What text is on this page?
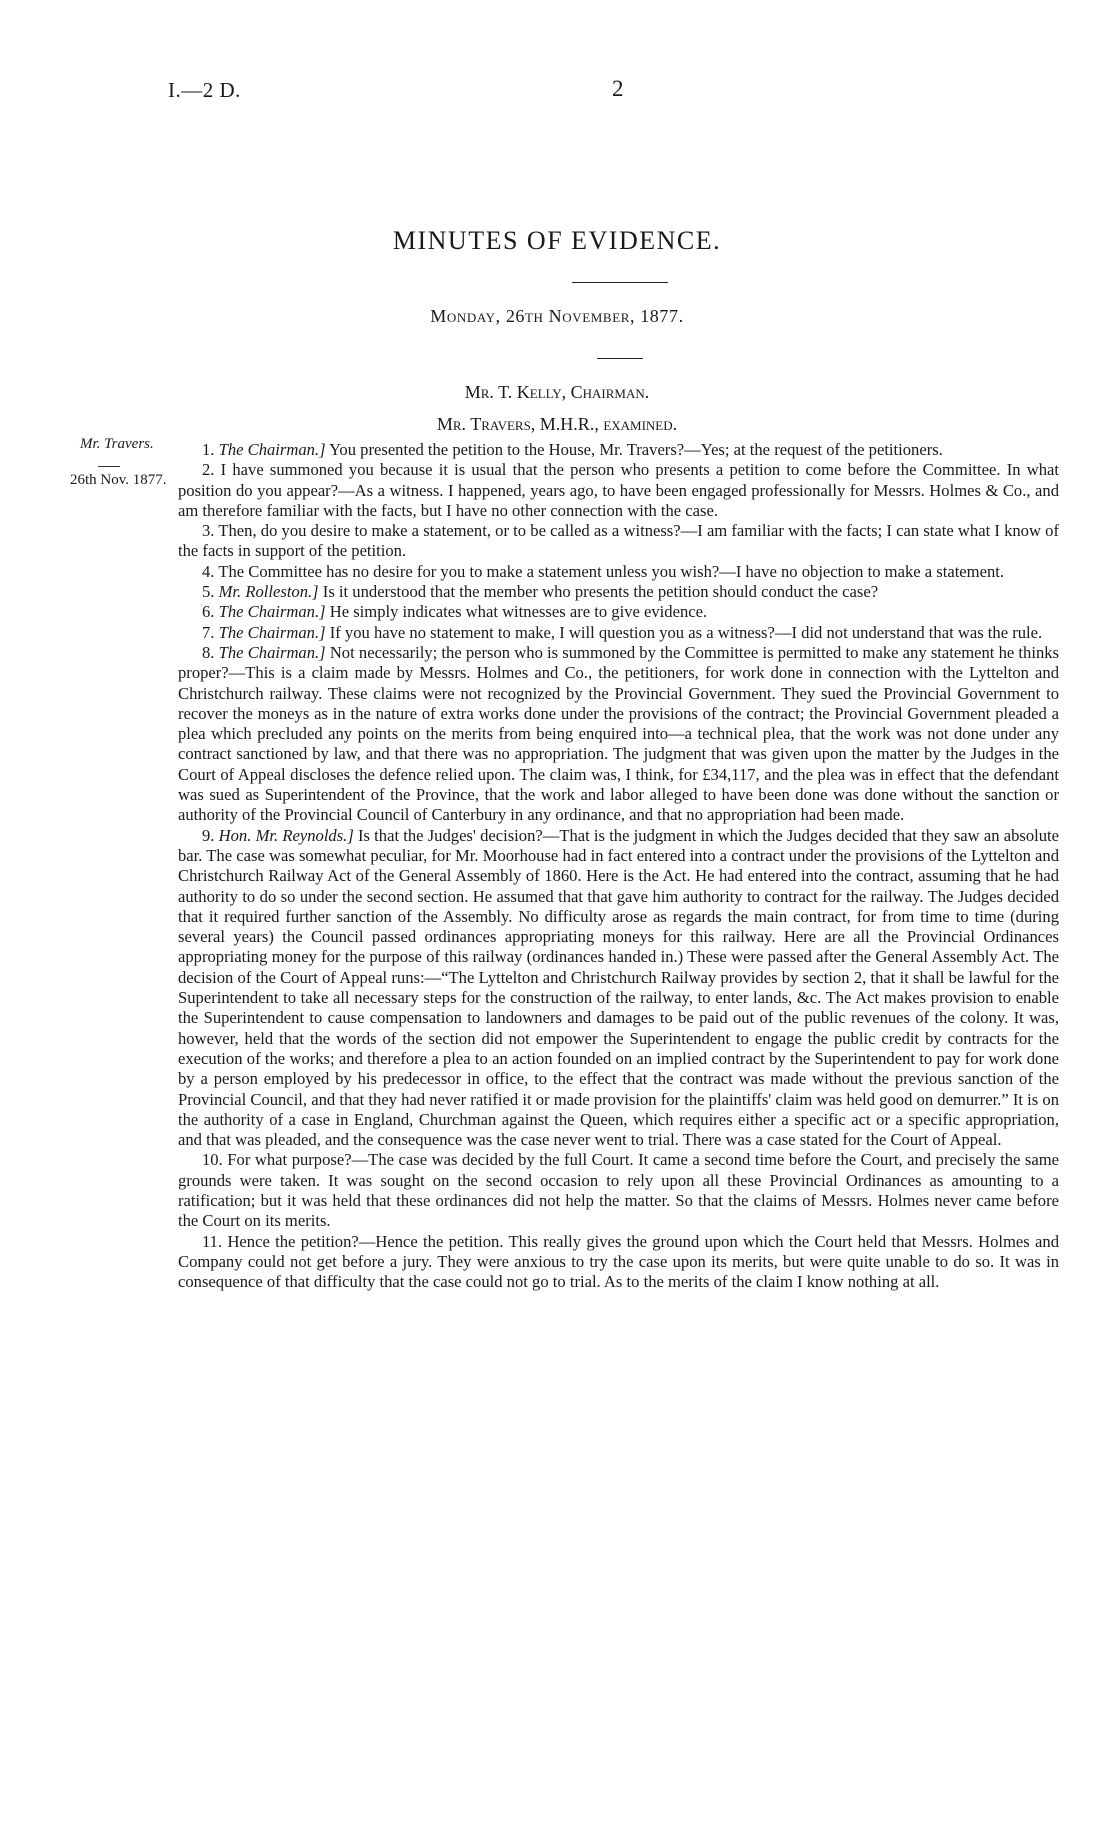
I.—2 D.	2
MINUTES OF EVIDENCE.
Monday, 26th November, 1877.
Mr. T. Kelly, Chairman.
Mr. Travers, M.H.R., examined.
Mr. Travers.
26th Nov. 1877.

1. The Chairman.] You presented the petition to the House, Mr. Travers?—Yes; at the request of the petitioners.

2. I have summoned you because it is usual that the person who presents a petition to come before the Committee. In what position do you appear?—As a witness. I happened, years ago, to have been engaged professionally for Messrs. Holmes & Co., and am therefore familiar with the facts, but I have no other connection with the case.

3. Then, do you desire to make a statement, or to be called as a witness?—I am familiar with the facts; I can state what I know of the facts in support of the petition.

4. The Committee has no desire for you to make a statement unless you wish?—I have no objection to make a statement.

5. Mr. Rolleston.] Is it understood that the member who presents the petition should conduct the case?

6. The Chairman.] He simply indicates what witnesses are to give evidence.

7. The Chairman.] If you have no statement to make, I will question you as a witness?—I did not understand that was the rule.

8. The Chairman.] Not necessarily; the person who is summoned by the Committee is permitted to make any statement he thinks proper?—This is a claim made by Messrs. Holmes and Co., the petitioners, for work done in connection with the Lyttelton and Christchurch railway. These claims were not recognized by the Provincial Government. They sued the Provincial Government to recover the moneys as in the nature of extra works done under the provisions of the contract; the Provincial Government pleaded a plea which precluded any points on the merits from being enquired into—a technical plea, that the work was not done under any contract sanctioned by law, and that there was no appropriation. The judgment that was given upon the matter by the Judges in the Court of Appeal discloses the defence relied upon. The claim was, I think, for £34,117, and the plea was in effect that the defendant was sued as Superintendent of the Province, that the work and labor alleged to have been done was done without the sanction or authority of the Provincial Council of Canterbury in any ordinance, and that no appropriation had been made.

9. Hon. Mr. Reynolds.] Is that the Judges' decision?—That is the judgment in which the Judges decided that they saw an absolute bar. The case was somewhat peculiar, for Mr. Moorhouse had in fact entered into a contract under the provisions of the Lyttelton and Christchurch Railway Act of the General Assembly of 1860. Here is the Act. He had entered into the contract, assuming that he had authority to do so under the second section. He assumed that that gave him authority to contract for the railway. The Judges decided that it required further sanction of the Assembly. No difficulty arose as regards the main contract, for from time to time (during several years) the Council passed ordinances appropriating moneys for this railway. Here are all the Provincial Ordinances appropriating money for the purpose of this railway (ordinances handed in.) These were passed after the General Assembly Act. The decision of the Court of Appeal runs:—“The Lyttelton and Christchurch Railway provides by section 2, that it shall be lawful for the Superintendent to take all necessary steps for the construction of the railway, to enter lands, &c. The Act makes provision to enable the Superintendent to cause compensation to landowners and damages to be paid out of the public revenues of the colony. It was, however, held that the words of the section did not empower the Superintendent to engage the public credit by contracts for the execution of the works; and therefore a plea to an action founded on an implied contract by the Superintendent to pay for work done by a person employed by his predecessor in office, to the effect that the contract was made without the previous sanction of the Provincial Council, and that they had never ratified it or made provision for the plaintiffs' claim was held good on demurrer.” It is on the authority of a case in England, Churchman against the Queen, which requires either a specific act or a specific appropriation, and that was pleaded, and the consequence was the case never went to trial. There was a case stated for the Court of Appeal.

10. For what purpose?—The case was decided by the full Court. It came a second time before the Court, and precisely the same grounds were taken. It was sought on the second occasion to rely upon all these Provincial Ordinances as amounting to a ratification; but it was held that these ordinances did not help the matter. So that the claims of Messrs. Holmes never came before the Court on its merits.

11. Hence the petition?—Hence the petition. This really gives the ground upon which the Court held that Messrs. Holmes and Company could not get before a jury. They were anxious to try the case upon its merits, but were quite unable to do so. It was in consequence of that difficulty that the case could not go to trial. As to the merits of the claim I know nothing at all.
